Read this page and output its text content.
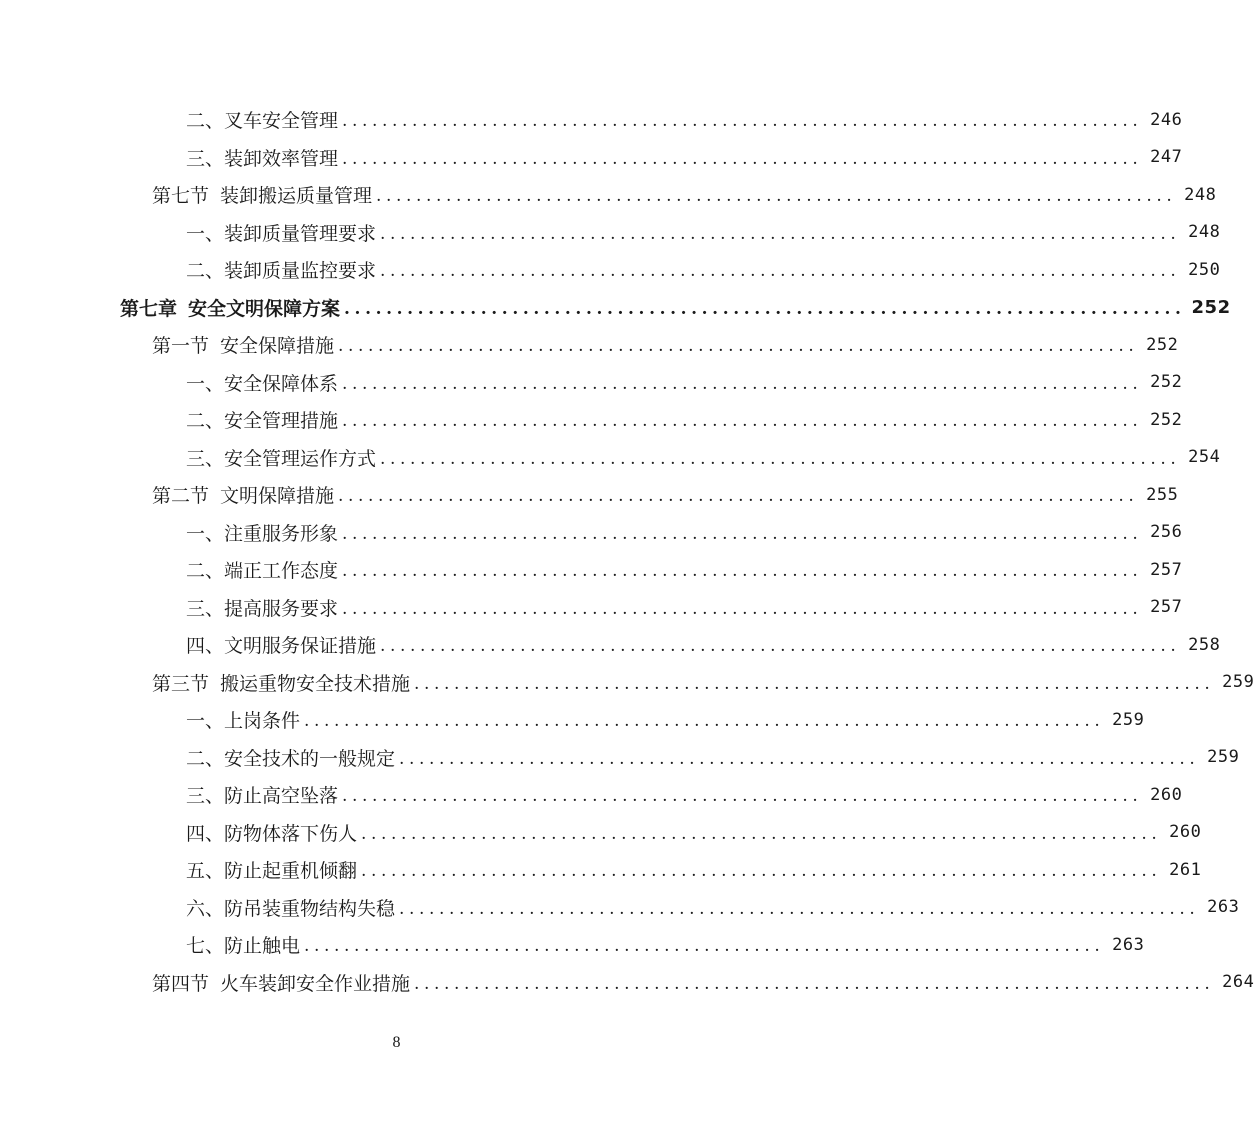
二、叉车安全管理 ................................................................................ 246
三、装卸效率管理 ................................................................................ 247
第七节 装卸搬运质量管理 ................................................................................ 248
一、装卸质量管理要求 ................................................................................ 248
二、装卸质量监控要求 ................................................................................ 250
第七章 安全文明保障方案 ................................................................................ 252
第一节 安全保障措施 ................................................................................ 252
一、安全保障体系 ................................................................................ 252
二、安全管理措施 ................................................................................ 252
三、安全管理运作方式 ................................................................................ 254
第二节 文明保障措施 ................................................................................ 255
一、注重服务形象 ................................................................................ 256
二、端正工作态度 ................................................................................ 257
三、提高服务要求 ................................................................................ 257
四、文明服务保证措施 ................................................................................ 258
第三节 搬运重物安全技术措施 ................................................................................ 259
一、上岗条件 ................................................................................ 259
二、安全技术的一般规定 ................................................................................ 259
三、防止高空坠落 ................................................................................ 260
四、防物体落下伤人 ................................................................................ 260
五、防止起重机倾翻 ................................................................................ 261
六、防吊装重物结构失稳 ................................................................................ 263
七、防止触电 ................................................................................ 263
第四节 火车装卸安全作业措施 ................................................................................ 264
8
